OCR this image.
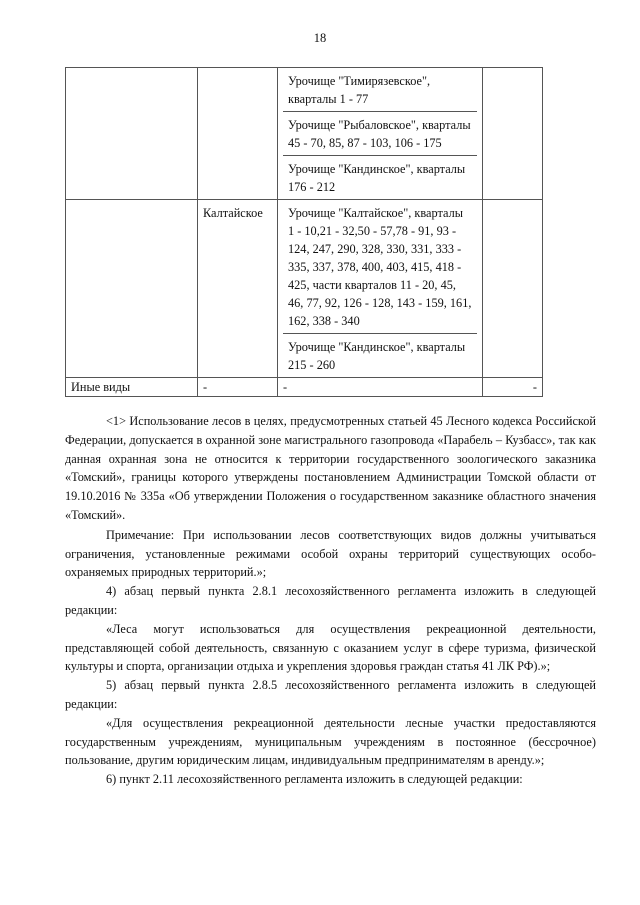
18

		Урочище "Тимирязевское", кварталы 1 - 77
Урочище "Рыбаловское", кварталы 45 - 70, 85, 87 - 103, 106 - 175
Урочище "Кандинское", кварталы 176 - 212	

	Калтайское	Урочище "Калтайское", кварталы 1 - 10,21 - 32,50 - 57,78 - 91, 93 - 124, 247, 290, 328, 330, 331, 333 - 335, 337, 378, 400, 403, 415, 418 - 425, части кварталов 11 - 20, 45, 46, 77, 92, 126 - 128, 143 - 159, 161, 162, 338 - 340
Урочище "Кандинское", кварталы 215 - 260	

Иные виды	-	-	-

<1> Использование лесов в целях, предусмотренных статьей 45 Лесного кодекса Российской Федерации, допускается в охранной зоне магистрального газопровода «Парабель – Кузбасс», так как данная охранная зона не относится к территории государственного зоологического заказника «Томский», границы которого утверждены постановлением Администрации Томской области от 19.10.2016 № 335а «Об утверждении Положения о государственном заказнике областного значения «Томский».

Примечание: При использовании лесов соответствующих видов должны учитываться ограничения, установленные режимами особой охраны территорий существующих особо-охраняемых природных территорий.»;

4) абзац первый пункта 2.8.1 лесохозяйственного регламента изложить в следующей редакции:

«Леса могут использоваться для осуществления рекреационной деятельности, представляющей собой деятельность, связанную с оказанием услуг в сфере туризма, физической культуры и спорта, организации отдыха и укрепления здоровья граждан статья 41 ЛК РФ).»;

5) абзац первый пункта 2.8.5 лесохозяйственного регламента изложить в следующей редакции:

«Для осуществления рекреационной деятельности лесные участки предоставляются государственным учреждениям, муниципальным учреждениям в постоянное (бессрочное) пользование, другим юридическим лицам, индивидуальным предпринимателям в аренду.»;

6) пункт 2.11 лесохозяйственного регламента изложить в следующей редакции:
